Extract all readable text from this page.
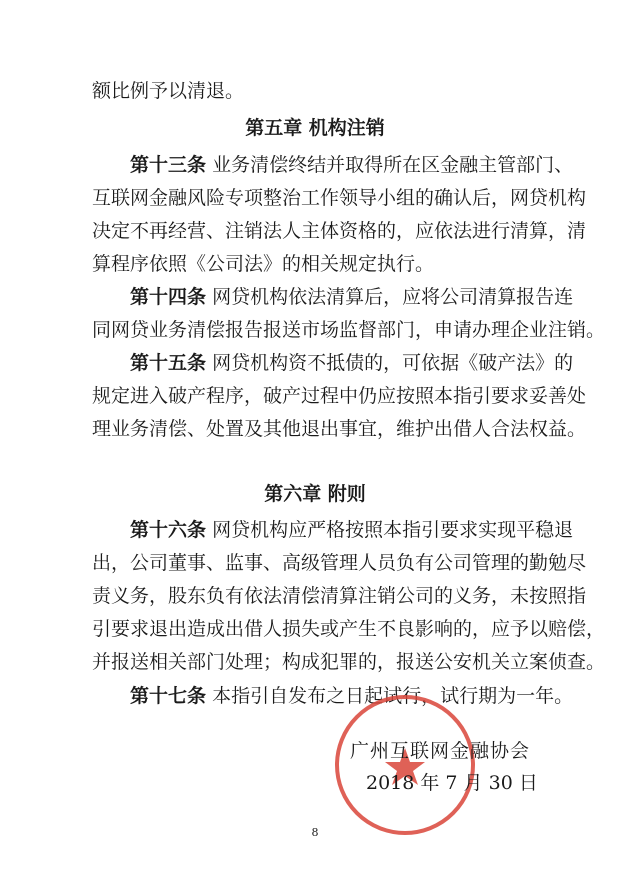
额比例予以清退。
第五章 机构注销
第十三条 业务清偿终结并取得所在区金融主管部门、
互联网金融风险专项整治工作领导小组的确认后，网贷机构
决定不再经营、注销法人主体资格的，应依法进行清算，清
算程序依照《公司法》的相关规定执行。
第十四条 网贷机构依法清算后，应将公司清算报告连
同网贷业务清偿报告报送市场监督部门，申请办理企业注销。
第十五条 网贷机构资不抵债的，可依据《破产法》的
规定进入破产程序，破产过程中仍应按照本指引要求妥善处
理业务清偿、处置及其他退出事宜，维护出借人合法权益。
第六章 附则
第十六条 网贷机构应严格按照本指引要求实现平稳退
出，公司董事、监事、高级管理人员负有公司管理的勤勉尽
责义务，股东负有依法清偿清算注销公司的义务，未按照指
引要求退出造成出借人损失或产生不良影响的，应予以赔偿，
并报送相关部门处理；构成犯罪的，报送公安机关立案侦查。
第十七条 本指引自发布之日起试行，试行期为一年。
广州互联网金融协会
2018 年 7 月 30 日
8
